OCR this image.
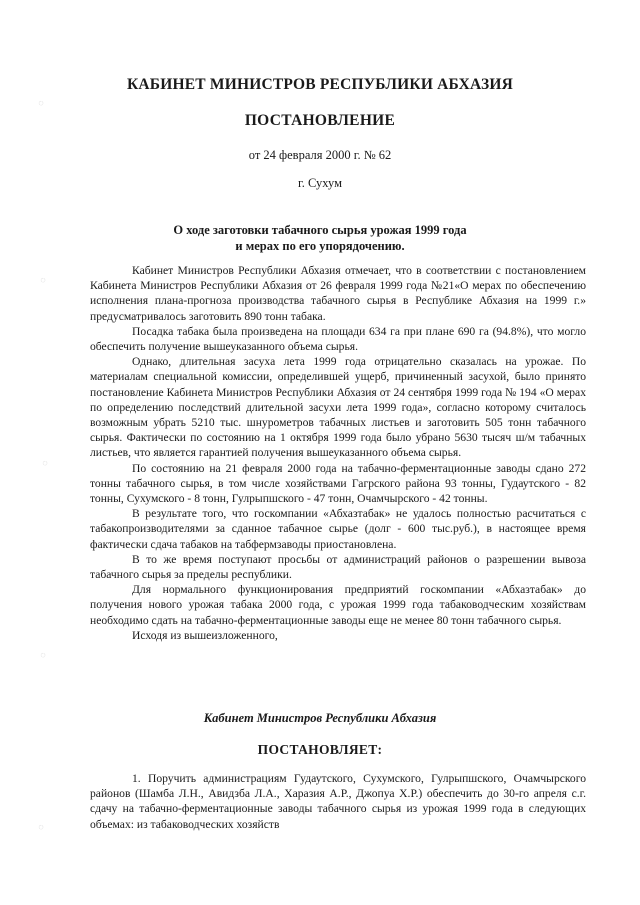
◌
◌
◌
◌
◌
КАБИНЕТ МИНИСТРОВ РЕСПУБЛИКИ АБХАЗИЯ
ПОСТАНОВЛЕНИЕ
от 24 февраля 2000 г. № 62
г. Сухум
О ходе заготовки табачного сырья урожая 1999 года
и мерах по его упорядочению.

Кабинет Министров Республики Абхазия отмечает, что в соответствии с постановлением Кабинета Министров Республики Абхазия от 26 февраля 1999 года №21«О мерах по обеспечению исполнения плана-прогноза производства табачного сырья в Республике Абхазия на 1999 г.» предусматривалось заготовить 890 тонн табака.

Посадка табака была произведена на площади 634 га при плане 690 га (94.8%), что могло обеспечить получение вышеуказанного объема сырья.

Однако, длительная засуха лета 1999 года отрицательно сказалась на урожае. По материалам специальной комиссии, определившей ущерб, причиненный засухой, было принято постановление Кабинета Министров Республики Абхазия от 24 сентября 1999 года № 194 «О мерах по определению последствий длительной засухи лета 1999 года», согласно которому считалось возможным убрать 5210 тыс. шнурометров табачных листьев и заготовить 505 тонн табачного сырья. Фактически по состоянию на 1 октября 1999 года было убрано 5630 тысяч ш/м табачных листьев, что является гарантией получения вышеуказанного объема сырья.

По состоянию на 21 февраля 2000 года на табачно-ферментационные заводы сдано 272 тонны табачного сырья, в том числе хозяйствами Гагрского района 93 тонны, Гудаутского - 82 тонны, Сухумского - 8 тонн, Гулрыпшского - 47 тонн, Очамчырского - 42 тонны.

В результате того, что госкомпании «Абхазтабак» не удалось полностью расчитаться с табакопроизводителями за сданное табачное сырье (долг - 600 тыс.руб.), в настоящее время фактически сдача табаков на табфермзаводы приостановлена.

В то же время поступают просьбы от администраций районов о разрешении вывоза табачного сырья за пределы республики.

Для нормального функционирования предприятий госкомпании «Абхазтабак» до получения нового урожая табака 2000 года, с урожая 1999 года табаководческим хозяйствам необходимо сдать на табачно-ферментационные заводы еще не менее 80 тонн табачного сырья.

Исходя из вышеизложенного,

Кабинет Министров Республики Абхазия
ПОСТАНОВЛЯЕТ:

1. Поручить администрациям Гудаутского, Сухумского, Гулрыпшского, Очамчырского районов (Шамба Л.Н., Авидзба Л.А., Харазия А.Р., Джопуа Х.Р.) обеспечить до 30-го апреля с.г. сдачу на табачно-ферментационные заводы табачного сырья из урожая 1999 года в следующих объемах: из табаководческих хозяйств
